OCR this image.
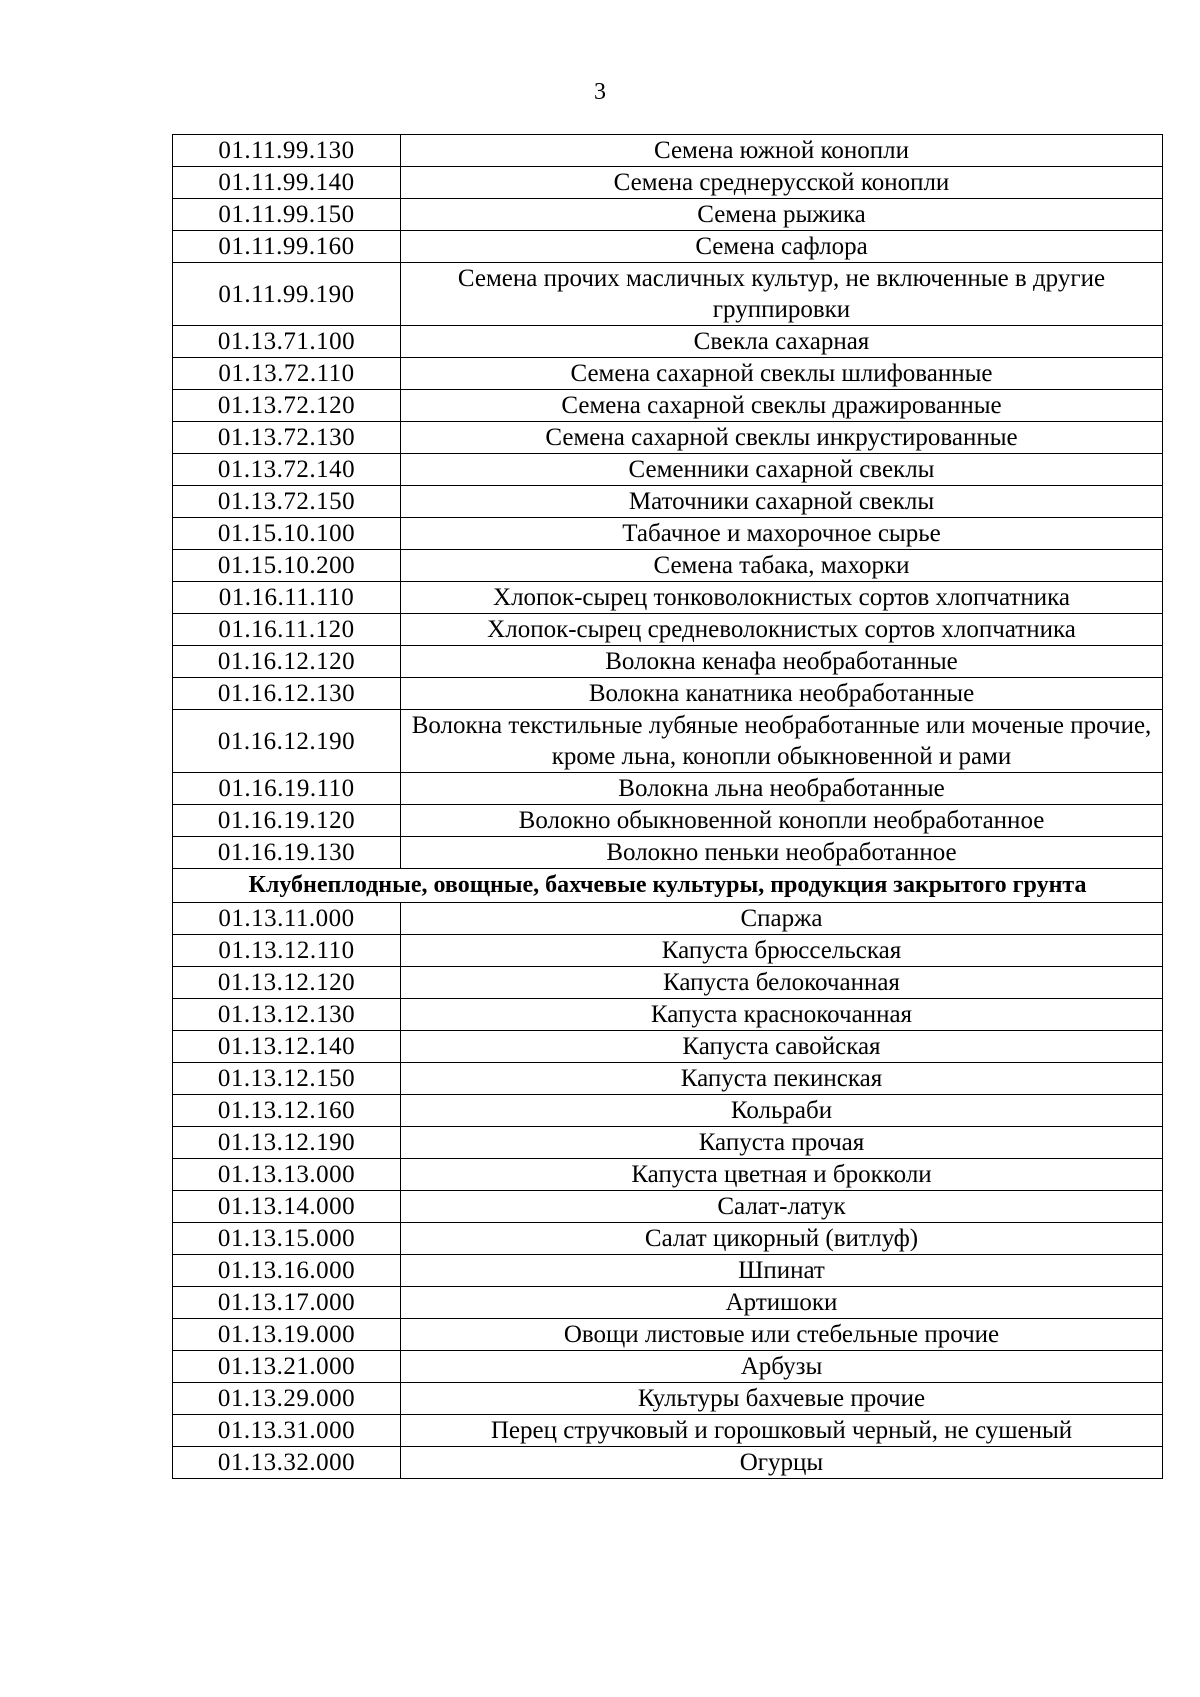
3
01.11.99.130	Семена южной конопли
01.11.99.140	Семена среднерусской конопли
01.11.99.150	Семена рыжика
01.11.99.160	Семена сафлора
01.11.99.190	Семена прочих масличных культур, не включенные в другие группировки
01.13.71.100	Свекла сахарная
01.13.72.110	Семена сахарной свеклы шлифованные
01.13.72.120	Семена сахарной свеклы дражированные
01.13.72.130	Семена сахарной свеклы инкрустированные
01.13.72.140	Семенники сахарной свеклы
01.13.72.150	Маточники сахарной свеклы
01.15.10.100	Табачное и махорочное сырье
01.15.10.200	Семена табака, махорки
01.16.11.110	Хлопок-сырец тонковолокнистых сортов хлопчатника
01.16.11.120	Хлопок-сырец средневолокнистых сортов хлопчатника
01.16.12.120	Волокна кенафа необработанные
01.16.12.130	Волокна канатника необработанные
01.16.12.190	Волокна текстильные лубяные необработанные или моченые прочие, кроме льна, конопли обыкновенной и рами
01.16.19.110	Волокна льна необработанные
01.16.19.120	Волокно обыкновенной конопли необработанное
01.16.19.130	Волокно пеньки необработанное
Клубнеплодные, овощные, бахчевые культуры, продукция закрытого грунта	
01.13.11.000	Спаржа
01.13.12.110	Капуста брюссельская
01.13.12.120	Капуста белокочанная
01.13.12.130	Капуста краснокочанная
01.13.12.140	Капуста савойская
01.13.12.150	Капуста пекинская
01.13.12.160	Кольраби
01.13.12.190	Капуста прочая
01.13.13.000	Капуста цветная и брокколи
01.13.14.000	Салат-латук
01.13.15.000	Салат цикорный (витлуф)
01.13.16.000	Шпинат
01.13.17.000	Артишоки
01.13.19.000	Овощи листовые или стебельные прочие
01.13.21.000	Арбузы
01.13.29.000	Культуры бахчевые прочие
01.13.31.000	Перец стручковый и горошковый черный, не сушеный
01.13.32.000	Огурцы
